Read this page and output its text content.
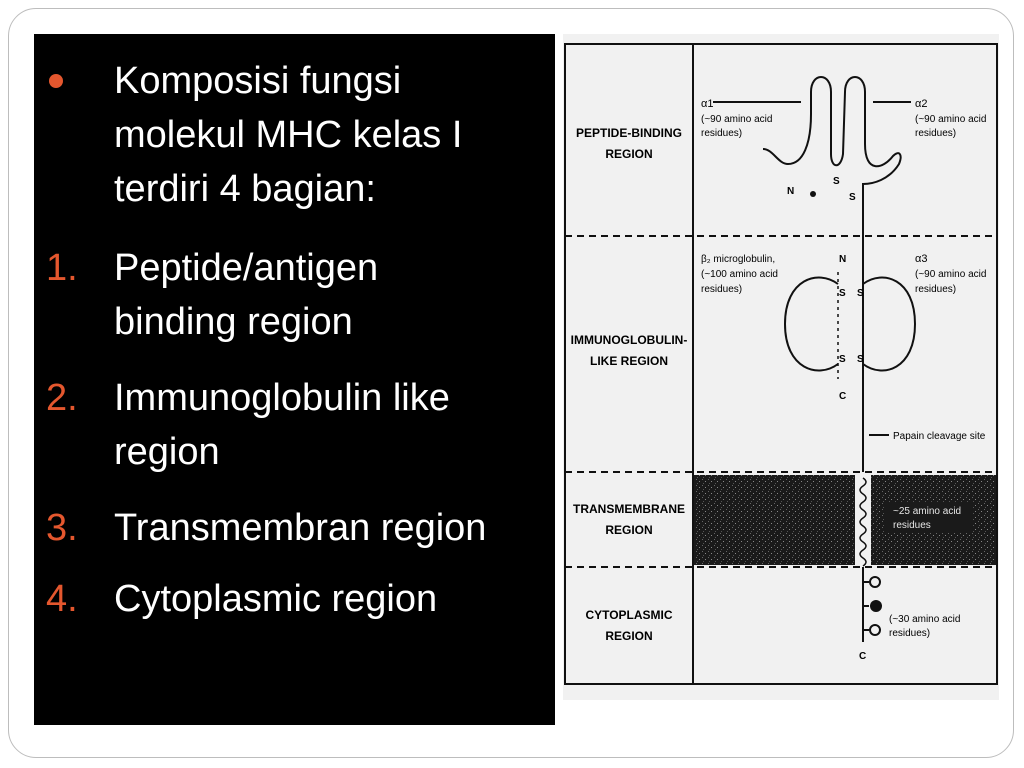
Komposisi fungsi
molekul MHC kelas I
terdiri 4 bagian:
1. Peptide/antigen
binding region
2. Immunoglobulin like
region
3. Transmembran region
4. Cytoplasmic region
PEPTIDE-BINDING
REGION
IMMUNOGLOBULIN-
LIKE REGION
TRANSMEMBRANE
REGION
CYTOPLASMIC
REGION
α1
(~90 amino acid
residues)
α2
(~90 amino acid
residues)
N
S
S
N
S S
S S
C
β₂ microglobulin,
(~100 amino acid
residues)
α3
(~90 amino acid
residues)
Papain cleavage site
~25 amino acid
residues
C
(~30 amino acid
residues)
